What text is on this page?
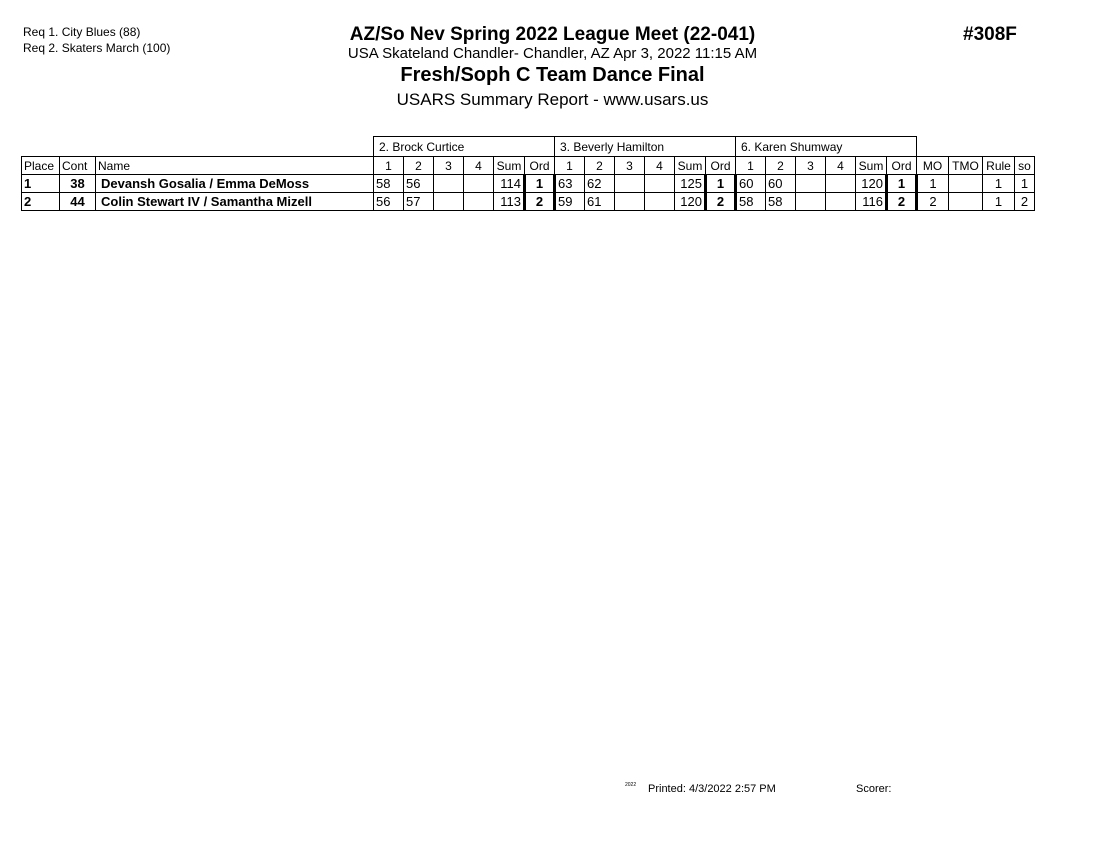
Req 1. City Blues (88)
Req 2. Skaters March (100)
AZ/So Nev Spring 2022 League Meet (22-041)
USA Skateland Chandler- Chandler, AZ Apr 3, 2022 11:15 AM
Fresh/Soph C Team Dance Final
USARS Summary Report - www.usars.us
#308F
			2. Brock Curtice						3. Beverly Hamilton						6. Karen Shumway									
Place	Cont	Name	1	2	3	4	Sum	Ord	1	2	3	4	Sum	Ord	1	2	3	4	Sum	Ord	MO	TMO	Rule	so
1	38	Devansh Gosalia / Emma DeMoss	58	56			114	1	63	62			125	1	60	60			120	1	1		1	1
2	44	Colin Stewart IV / Samantha Mizell	56	57			113	2	59	61			120	2	58	58			116	2	2		1	2
2022 Printed: 4/3/2022 2:57 PM	Scorer:
